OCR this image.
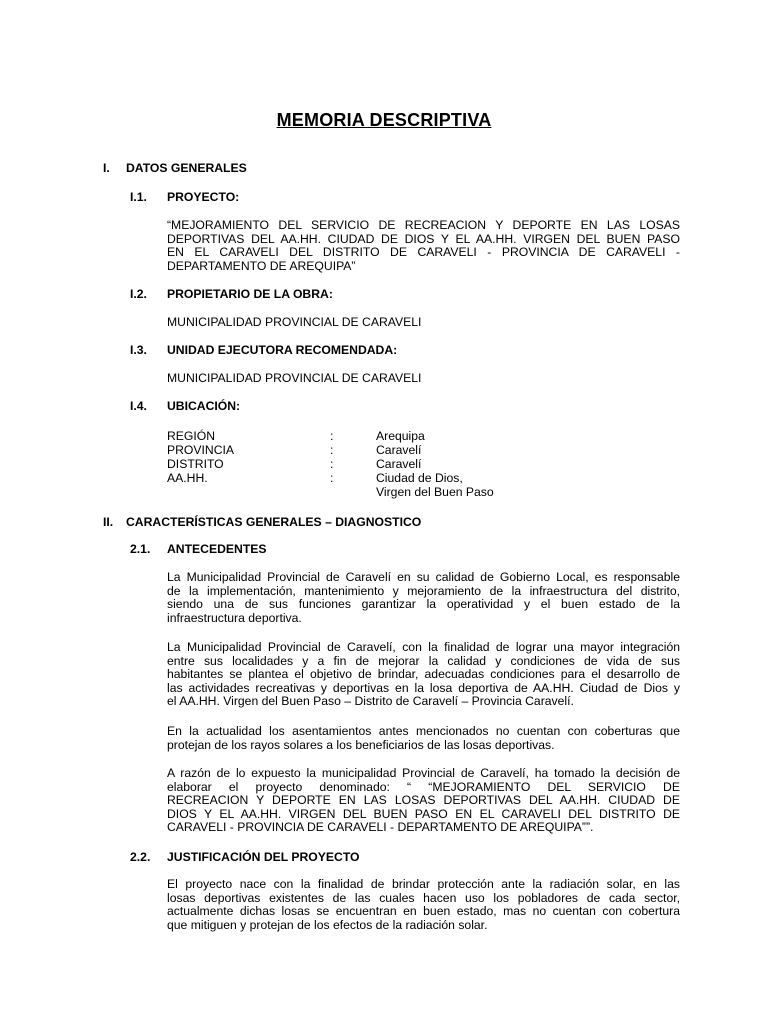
MEMORIA DESCRIPTIVA
I. DATOS GENERALES
I.1. PROYECTO:
“MEJORAMIENTO DEL SERVICIO DE RECREACION Y DEPORTE EN LAS LOSAS
DEPORTIVAS DEL AA.HH. CIUDAD DE DIOS Y EL AA.HH. VIRGEN DEL BUEN PASO
EN EL CARAVELI DEL DISTRITO DE CARAVELI - PROVINCIA DE CARAVELI -
DEPARTAMENTO DE AREQUIPA”
I.2. PROPIETARIO DE LA OBRA:
MUNICIPALIDAD PROVINCIAL DE CARAVELI
I.3. UNIDAD EJECUTORA RECOMENDADA:
MUNICIPALIDAD PROVINCIAL DE CARAVELI
I.4. UBICACIÓN:
REGIÓN	:	Arequipa
PROVINCIA	:	Caravelí
DISTRITO	:	Caravelí
AA.HH.	:	Ciudad de Dios,
Virgen del Buen Paso
II. CARACTERÍSTICAS GENERALES – DIAGNOSTICO
2.1. ANTECEDENTES
La Municipalidad Provincial de Caravelí en su calidad de Gobierno Local, es responsable
de la implementación, mantenimiento y mejoramiento de la infraestructura del distrito,
siendo una de sus funciones garantizar la operatividad y el buen estado de la
infraestructura deportiva.
La Municipalidad Provincial de Caravelí, con la finalidad de lograr una mayor integración
entre sus localidades y a fin de mejorar la calidad y condiciones de vida de sus
habitantes se plantea el objetivo de brindar, adecuadas condiciones para el desarrollo de
las actividades recreativas y deportivas en la losa deportiva de AA.HH. Ciudad de Dios y
el AA.HH. Virgen del Buen Paso – Distrito de Caravelí – Provincia Caravelí.
En la actualidad los asentamientos antes mencionados no cuentan con coberturas que
protejan de los rayos solares a los beneficiarios de las losas deportivas.
A razón de lo expuesto la municipalidad Provincial de Caravelí, ha tomado la decisión de
elaborar el proyecto denominado: “ “MEJORAMIENTO DEL SERVICIO DE
RECREACION Y DEPORTE EN LAS LOSAS DEPORTIVAS DEL AA.HH. CIUDAD DE
DIOS Y EL AA.HH. VIRGEN DEL BUEN PASO EN EL CARAVELI DEL DISTRITO DE
CARAVELI - PROVINCIA DE CARAVELI - DEPARTAMENTO DE AREQUIPA””.
2.2. JUSTIFICACIÓN DEL PROYECTO
El proyecto nace con la finalidad de brindar protección ante la radiación solar, en las
losas deportivas existentes de las cuales hacen uso los pobladores de cada sector,
actualmente dichas losas se encuentran en buen estado, mas no cuentan con cobertura
que mitiguen y protejan de los efectos de la radiación solar.
